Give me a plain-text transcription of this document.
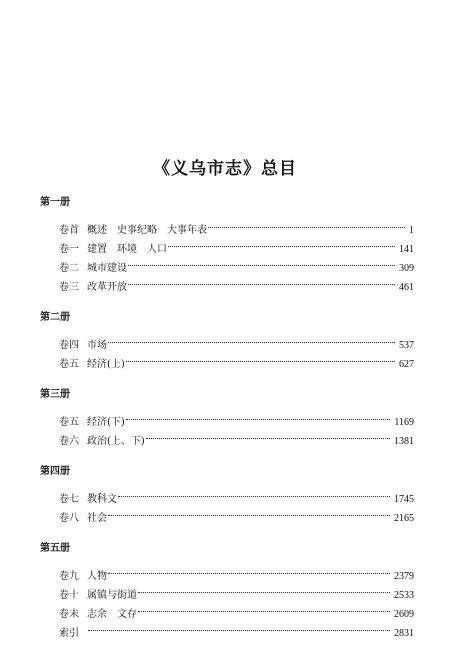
《义乌市志》总目
第一册
卷首 概述　史事纪略　大事年表	1
卷一 建置　环境　人口	141
卷二 城市建设	309
卷三 改革开放	461
第二册
卷四 市场	537
卷五 经济(上)	627
第三册
卷五 经济(下)	1169
卷六 政治(上、下)	1381
第四册
卷七 教科文	1745
卷八 社会	2165
第五册
卷九 人物	2379
卷十 属镇与街道	2533
卷末 志余　文存	2609
索引	2831
